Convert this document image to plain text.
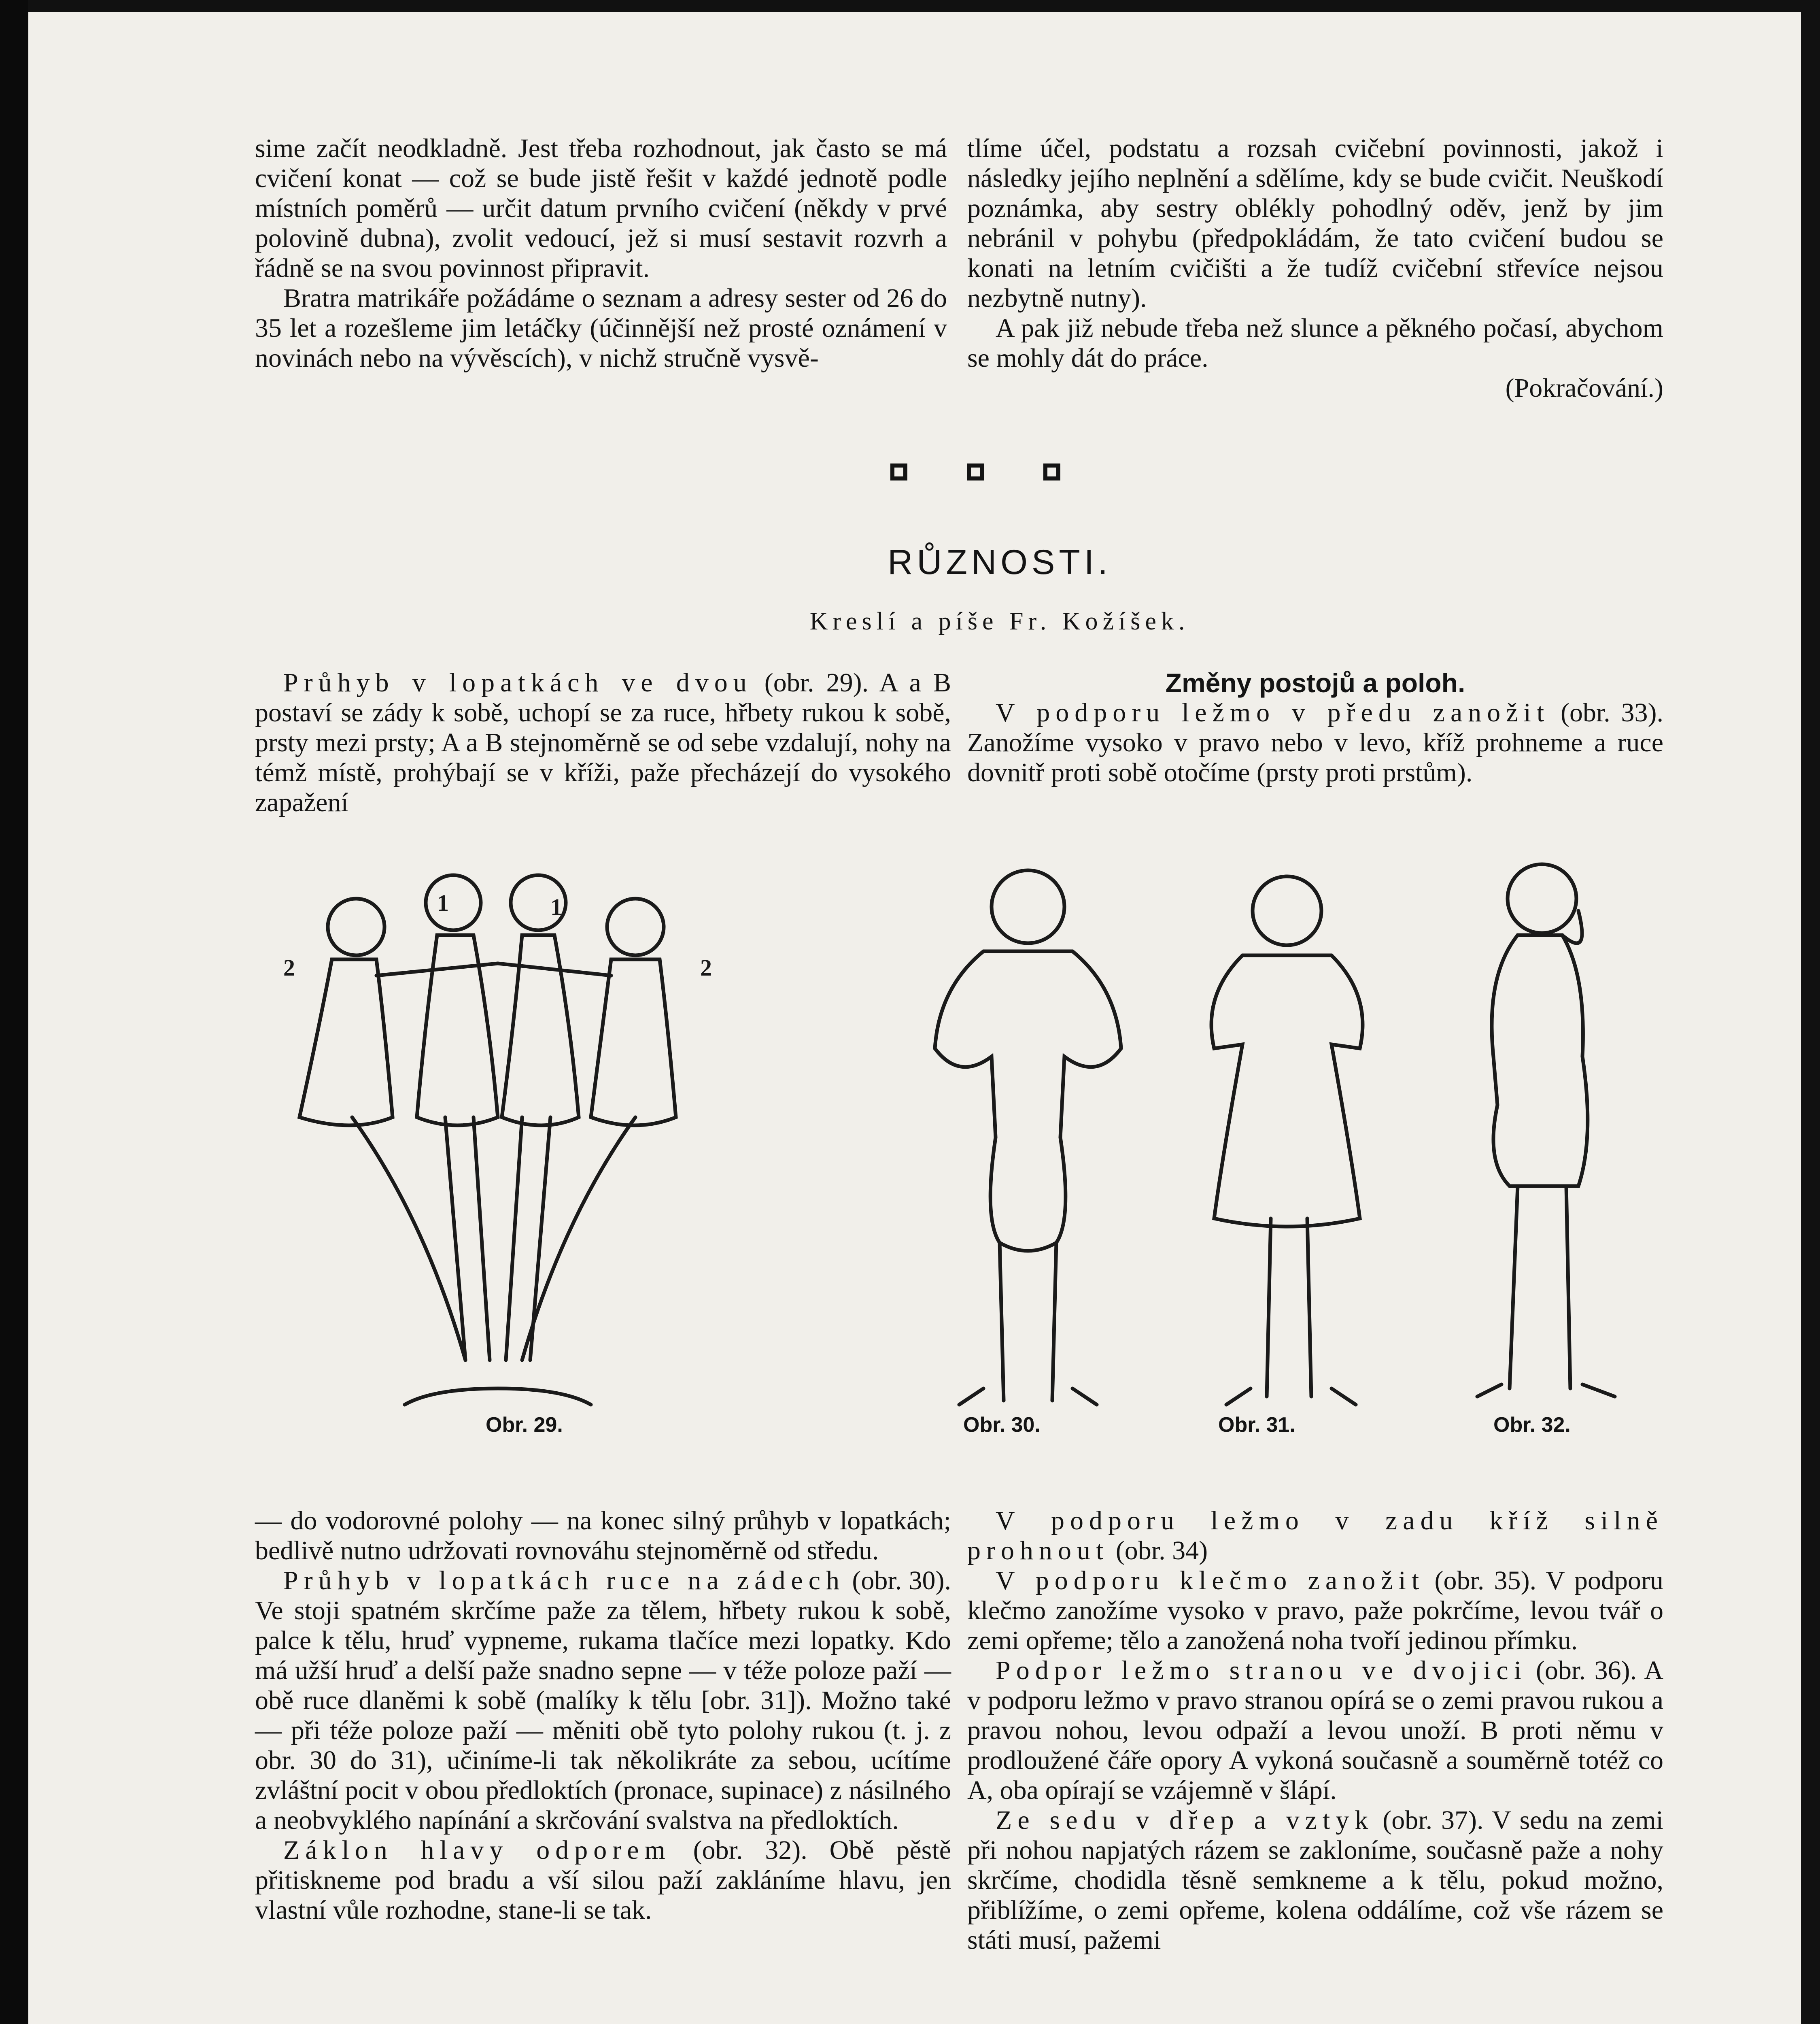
sime začít neodkladně. Jest třeba rozhodnout, jak často se má cvičení konat — což se bude jistě řešit v každé jednotě podle místních poměrů — určit datum prvního cvičení (někdy v prvé polovině dubna), zvolit vedoucí, jež si musí sestavit rozvrh a řádně se na svou povinnost připravit.

Bratra matrikáře požádáme o seznam a adresy sester od 26 do 35 let a rozešleme jim letáčky (účinnější než prosté oznámení v novinách nebo na vývěscích), v nichž stručně vysvě-

tlíme účel, podstatu a rozsah cvičební povinnosti, jakož i následky jejího neplnění a sdělíme, kdy se bude cvičit. Neuškodí poznámka, aby sestry oblékly pohodlný oděv, jenž by jim nebránil v pohybu (předpokládám, že tato cvičení budou se konati na letním cvičišti a že tudíž cvičební střevíce nejsou nezbytně nutny).

A pak již nebude třeba než slunce a pěkného počasí, abychom se mohly dát do práce.

(Pokračování.)
RŮZNOSTI.
Kreslí a píše Fr. Kožíšek.

Průhyb v lopatkách ve dvou (obr. 29). A a B postaví se zády k sobě, uchopí se za ruce, hřbety rukou k sobě, prsty mezi prsty; A a B stejnoměrně se od sebe vzdalují, nohy na témž místě, prohýbají se v kříži, paže přecházejí do vysokého zapažení

Změny postojů a poloh.

V podporu ležmo v předu zanožit (obr. 33). Zanožíme vysoko v pravo nebo v levo, kříž prohneme a ruce dovnitř proti sobě otočíme (prsty proti prstům).

1	1
2	2
Obr. 29.	Obr. 30.	Obr. 31.	Obr. 32.

— do vodorovné polohy — na konec silný průhyb v lopatkách; bedlivě nutno udržovati rovnováhu stejnoměrně od středu.

Průhyb v lopatkách ruce na zádech (obr. 30). Ve stoji spatném skrčíme paže za tělem, hřbety rukou k sobě, palce k tělu, hruď vypneme, rukama tlačíce mezi lopatky. Kdo má užší hruď a delší paže snadno sepne — v téže poloze paží — obě ruce dlaněmi k sobě (malíky k tělu [obr. 31]). Možno také — při téže poloze paží — měniti obě tyto polohy rukou (t. j. z obr. 30 do 31), učiníme-li tak několikráte za sebou, ucítíme zvláštní pocit v obou předloktích (pronace, supinace) z násilného a neobvyklého napínání a skrčování svalstva na předloktích.

Záklon hlavy odporem (obr. 32). Obě pěstě přitiskneme pod bradu a vší silou paží zakláníme hlavu, jen vlastní vůle rozhodne, stane-li se tak.

V podporu ležmo v zadu kříž silně prohnout (obr. 34)

V podporu klečmo zanožit (obr. 35). V podporu klečmo zanožíme vysoko v pravo, paže pokrčíme, levou tvář o zemi opřeme; tělo a zanožená noha tvoří jedinou přímku.

Podpor ležmo stranou ve dvojici (obr. 36). A v podporu ležmo v pravo stranou opírá se o zemi pravou rukou a pravou nohou, levou odpaží a levou unoží. B proti němu v prodloužené čáře opory A vykoná současně a souměrně totéž co A, oba opírají se vzájemně v šlápí.

Ze sedu v dřep a vztyk (obr. 37). V sedu na zemi při nohou napjatých rázem se zakloníme, současně paže a nohy skrčíme, chodidla těsně semkneme a k tělu, pokud možno, přiblížíme, o zemi opřeme, kolena oddálíme, což vše rázem se státi musí, pažemi
